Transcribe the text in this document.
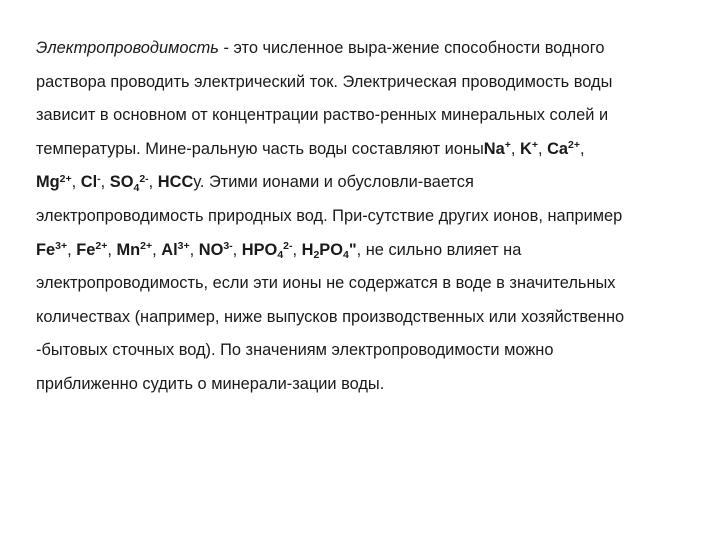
Электропроводимость - это численное выра-жение способности водного
раствора проводить электрический ток. Электрическая проводимость воды
зависит в основном от концентрации раство-ренных минеральных солей и
температуры. Мине-ральную часть воды составляют ионыNa+, K+, $Ca^{2+}$,
$Mg^{2+}$, Cl-, $SO_4^{2-}$, HCCу. Этими ионами и обусловли-вается
электропроводимость природных вод. При-сутствие других ионов, например
$Fe^{3+}$, $Fe^{2+}$, $Mn^{2+}$, $Al^{3+}$, $NO^{3-}$, $HPO_4^{2-}$, $H_2PO_4$", не сильно влияет на
электропроводимость, если эти ионы не содержатся в воде в значительных
количествах (например, ниже выпусков производственных или хозяйственно
-бытовых сточных вод). По значениям электропроводимости можно
приближенно судить о минерали-зации воды.
